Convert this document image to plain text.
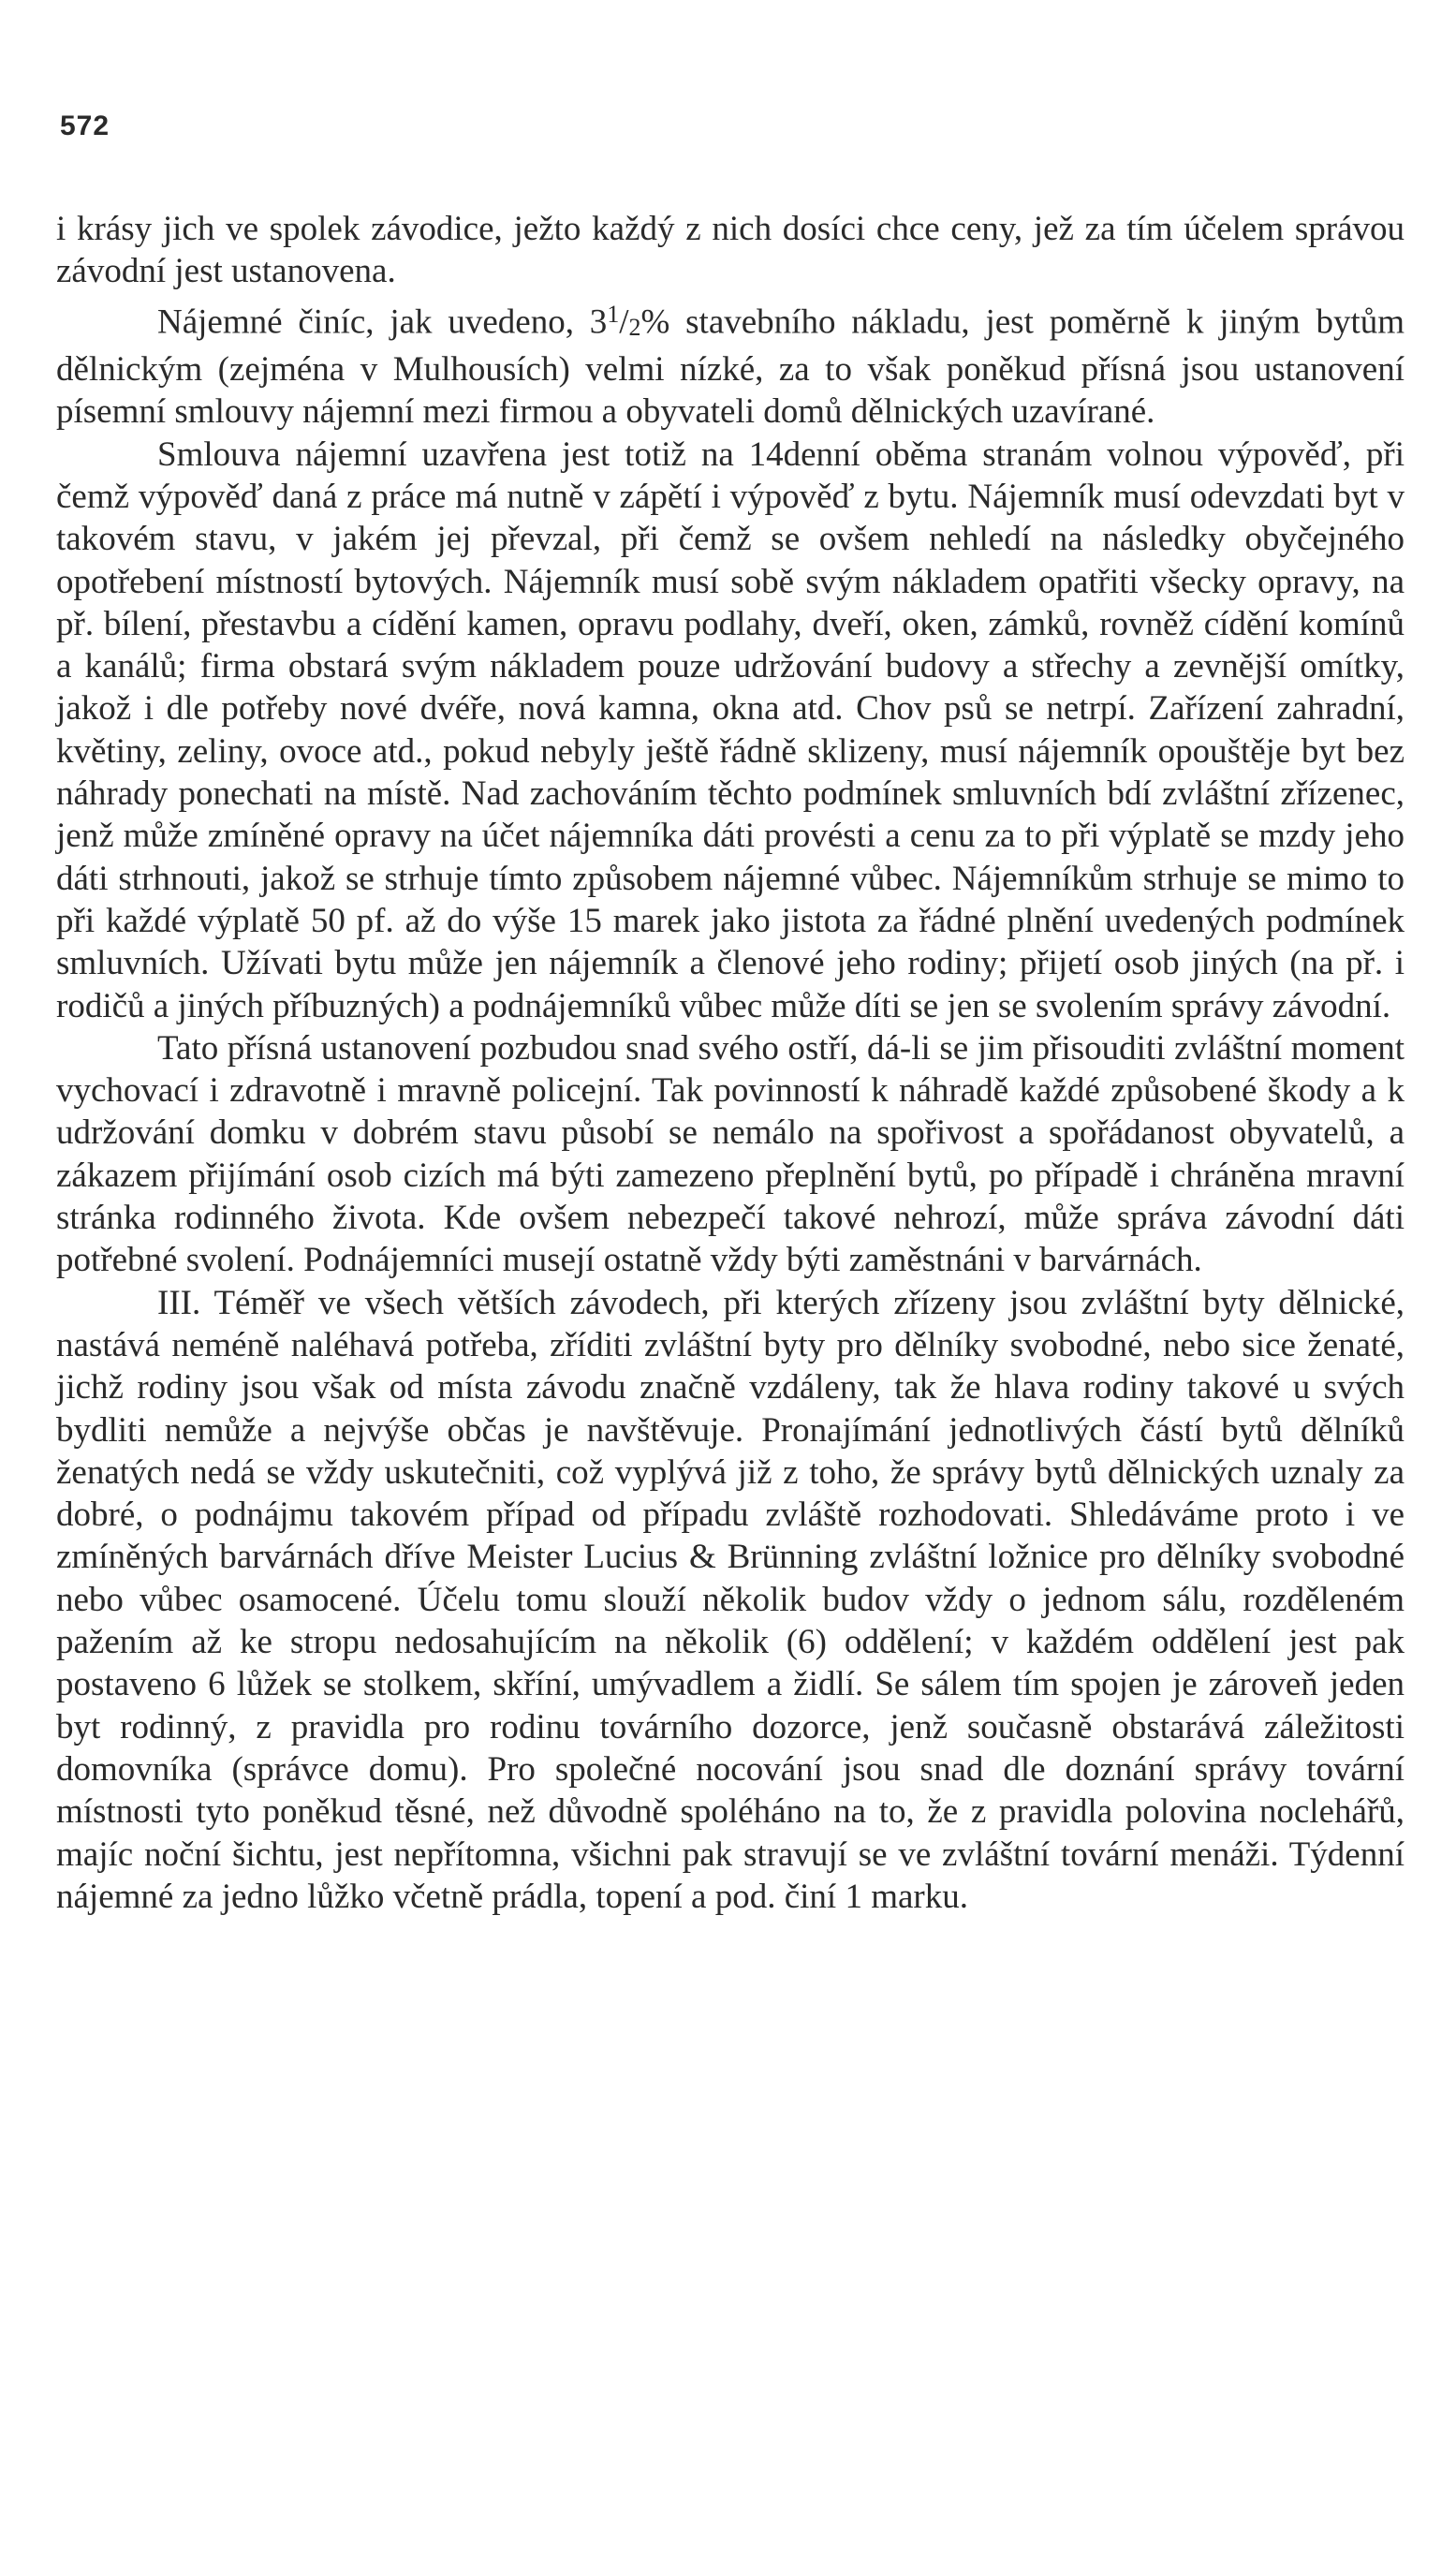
572

i krásy jich ve spolek závodice, ježto každý z nich dosíci chce ceny, jež za tím účelem správou závodní jest ustanovena.

Nájemné činíc, jak uvedeno, $3^1/2\%$ stavebního nákladu, jest poměrně k jiným bytům dělnickým (zejména v Mulhousích) velmi nízké, za to však poněkud přísná jsou ustanovení písemní smlouvy nájemní mezi firmou a obyvateli domů dělnických uzavírané.

Smlouva nájemní uzavřena jest totiž na 14denní oběma stranám volnou výpověď, při čemž výpověď daná z práce má nutně v zápětí i výpověď z bytu. Nájemník musí odevzdati byt v takovém stavu, v jakém jej převzal, při čemž se ovšem nehledí na následky obyčejného opotřebení místností bytových. Nájemník musí sobě svým nákladem opatřiti všecky opravy, na př. bílení, přestavbu a cídění kamen, opravu podlahy, dveří, oken, zámků, rovněž cídění komínů a kanálů; firma obstará svým nákladem pouze udržování budovy a střechy a zevnější omítky, jakož i dle potřeby nové dvéře, nová kamna, okna atd. Chov psů se netrpí. Zařízení zahradní, květiny, zeliny, ovoce atd., pokud nebyly ještě řádně sklizeny, musí nájemník opouštěje byt bez náhrady ponechati na místě. Nad zachováním těchto podmínek smluvních bdí zvláštní zřízenec, jenž může zmíněné opravy na účet nájemníka dáti provésti a cenu za to při výplatě se mzdy jeho dáti strhnouti, jakož se strhuje tímto způsobem nájemné vůbec. Nájemníkům strhuje se mimo to při každé výplatě 50 pf. až do výše 15 marek jako jistota za řádné plnění uvedených podmínek smluvních. Užívati bytu může jen nájemník a členové jeho rodiny; přijetí osob jiných (na př. i rodičů a jiných příbuzných) a podnájemníků vůbec může díti se jen se svolením správy závodní.

Tato přísná ustanovení pozbudou snad svého ostří, dá-li se jim přisouditi zvláštní moment vychovací i zdravotně i mravně policejní. Tak povinností k náhradě každé způsobené škody a k udržování domku v dobrém stavu působí se nemálo na spořivost a spořádanost obyvatelů, a zákazem přijímání osob cizích má býti zamezeno přeplnění bytů, po případě i chráněna mravní stránka rodinného života. Kde ovšem nebezpečí takové nehrozí, může správa závodní dáti potřebné svolení. Podnájemníci musejí ostatně vždy býti zaměstnáni v barvárnách.

III. Téměř ve všech větších závodech, při kterých zřízeny jsou zvláštní byty dělnické, nastává neméně naléhavá potřeba, zříditi zvláštní byty pro dělníky svobodné, nebo sice ženaté, jichž rodiny jsou však od místa závodu značně vzdáleny, tak že hlava rodiny takové u svých bydliti nemůže a nejvýše občas je navštěvuje. Pronajímání jednotlivých částí bytů dělníků ženatých nedá se vždy uskutečniti, což vyplývá již z toho, že správy bytů dělnických uznaly za dobré, o podnájmu takovém případ od případu zvláště rozhodovati. Shledáváme proto i ve zmíněných barvárnách dříve Meister Lucius & Brünning zvláštní ložnice pro dělníky svobodné nebo vůbec osamocené. Účelu tomu slouží několik budov vždy o jednom sálu, rozděleném pažením až ke stropu nedosahujícím na několik (6) oddělení; v každém oddělení jest pak postaveno 6 lůžek se stolkem, skříní, umývadlem a židlí. Se sálem tím spojen je zároveň jeden byt rodinný, z pravidla pro rodinu továrního dozorce, jenž současně obstarává záležitosti domovníka (správce domu). Pro společné nocování jsou snad dle doznání správy tovární místnosti tyto poněkud těsné, než důvodně spoléháno na to, že z pravidla polovina noclehářů, majíc noční šichtu, jest nepřítomna, všichni pak stravují se ve zvláštní tovární menáži. Týdenní nájemné za jedno lůžko včetně prádla, topení a pod. činí 1 marku.
